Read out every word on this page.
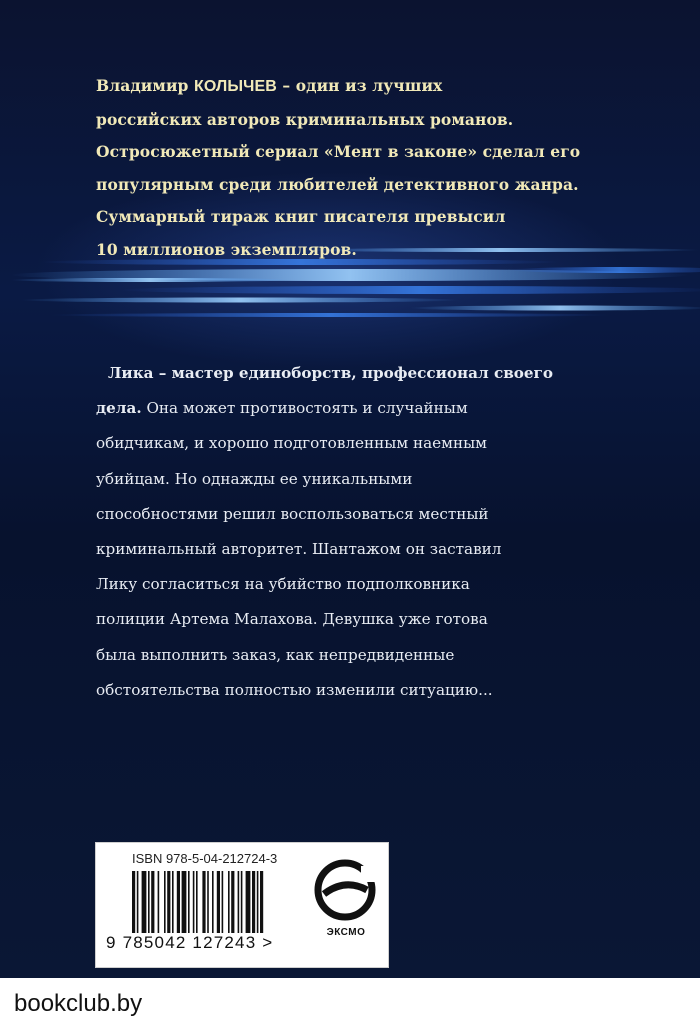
Владимир КОЛЫЧЕВ – один из лучших

российских авторов криминальных романов.

Остросюжетный сериал «Мент в законе» сделал его

популярным среди любителей детективного жанра.

Суммарный тираж книг писателя превысил

10 миллионов экземпляров.

Лика – мастер единоборств, профессионал своего

дела. Она может противостоять и случайным

обидчикам, и хорошо подготовленным наемным

убийцам. Но однажды ее уникальными

способностями решил воспользоваться местный

криминальный авторитет. Шантажом он заставил

Лику согласиться на убийство подполковника

полиции Артема Малахова. Девушка уже готова

была выполнить заказ, как непредвиденные

обстоятельства полностью изменили ситуацию...

ISBN 978-5-04-212724-3
9 785042 127243 >
ЭКСМО
bookclub.by
